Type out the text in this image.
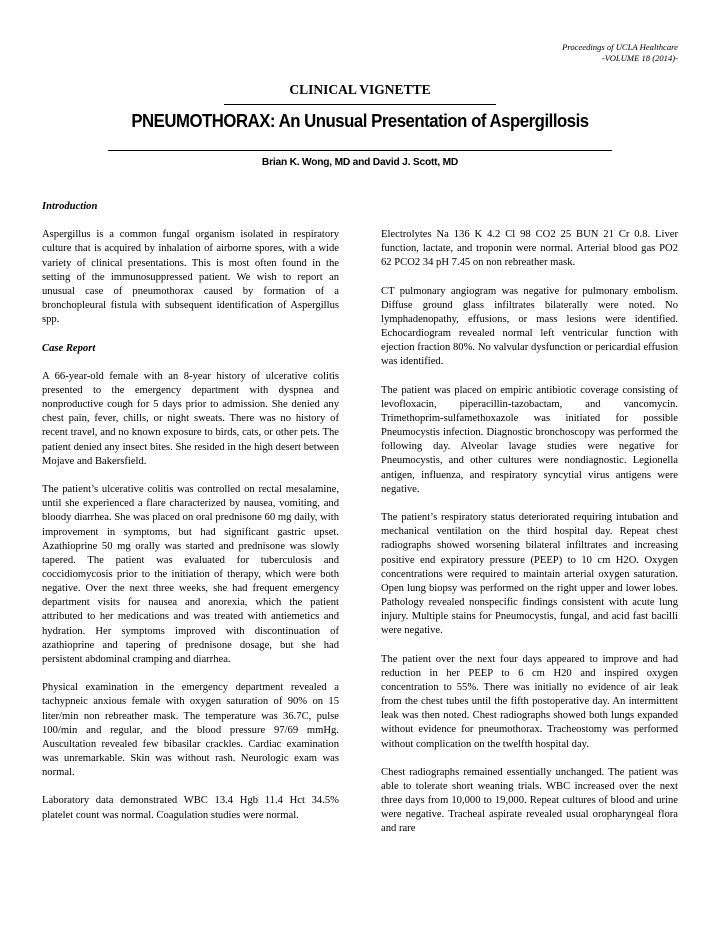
Proceedings of UCLA Healthcare
-VOLUME 18 (2014)-
CLINICAL VIGNETTE
PNEUMOTHORAX: An Unusual Presentation of Aspergillosis
Brian K. Wong, MD and David J. Scott, MD
Introduction

Aspergillus is a common fungal organism isolated in respiratory culture that is acquired by inhalation of airborne spores, with a wide variety of clinical presentations. This is most often found in the setting of the immunosuppressed patient. We wish to report an unusual case of pneumothorax caused by formation of a bronchopleural fistula with subsequent identification of Aspergillus spp.

Case Report

A 66-year-old female with an 8-year history of ulcerative colitis presented to the emergency department with dyspnea and nonproductive cough for 5 days prior to admission. She denied any chest pain, fever, chills, or night sweats. There was no history of recent travel, and no known exposure to birds, cats, or other pets. The patient denied any insect bites. She resided in the high desert between Mojave and Bakersfield.

The patient’s ulcerative colitis was controlled on rectal mesalamine, until she experienced a flare characterized by nausea, vomiting, and bloody diarrhea. She was placed on oral prednisone 60 mg daily, with improvement in symptoms, but had significant gastric upset. Azathioprine 50 mg orally was started and prednisone was slowly tapered. The patient was evaluated for tuberculosis and coccidiomycosis prior to the initiation of therapy, which were both negative. Over the next three weeks, she had frequent emergency department visits for nausea and anorexia, which the patient attributed to her medications and was treated with antiemetics and hydration. Her symptoms improved with discontinuation of azathioprine and tapering of prednisone dosage, but she had persistent abdominal cramping and diarrhea.

Physical examination in the emergency department revealed a tachypneic anxious female with oxygen saturation of 90% on 15 liter/min non rebreather mask. The temperature was 36.7C, pulse 100/min and regular, and the blood pressure 97/69 mmHg. Auscultation revealed few bibasilar crackles. Cardiac examination was unremarkable. Skin was without rash. Neurologic exam was normal.

Laboratory data demonstrated WBC 13.4 Hgb 11.4 Hct 34.5% platelet count was normal. Coagulation studies were normal.

Electrolytes Na 136 K 4.2 Cl 98 CO2 25 BUN 21 Cr 0.8. Liver function, lactate, and troponin were normal. Arterial blood gas PO2 62 PCO2 34 pH 7.45 on non rebreather mask.

CT pulmonary angiogram was negative for pulmonary embolism. Diffuse ground glass infiltrates bilaterally were noted. No lymphadenopathy, effusions, or mass lesions were identified. Echocardiogram revealed normal left ventricular function with ejection fraction 80%. No valvular dysfunction or pericardial effusion was identified.

The patient was placed on empiric antibiotic coverage consisting of levofloxacin, piperacillin-tazobactam, and vancomycin. Trimethoprim-sulfamethoxazole was initiated for possible Pneumocystis infection. Diagnostic bronchoscopy was performed the following day. Alveolar lavage studies were negative for Pneumocystis, and other cultures were nondiagnostic. Legionella antigen, influenza, and respiratory syncytial virus antigens were negative.

The patient’s respiratory status deteriorated requiring intubation and mechanical ventilation on the third hospital day. Repeat chest radiographs showed worsening bilateral infiltrates and increasing positive end expiratory pressure (PEEP) to 10 cm H2O. Oxygen concentrations were required to maintain arterial oxygen saturation. Open lung biopsy was performed on the right upper and lower lobes. Pathology revealed nonspecific findings consistent with acute lung injury. Multiple stains for Pneumocystis, fungal, and acid fast bacilli were negative.

The patient over the next four days appeared to improve and had reduction in her PEEP to 6 cm H20 and inspired oxygen concentration to 55%. There was initially no evidence of air leak from the chest tubes until the fifth postoperative day. An intermittent leak was then noted. Chest radiographs showed both lungs expanded without evidence for pneumothorax. Tracheostomy was performed without complication on the twelfth hospital day.

Chest radiographs remained essentially unchanged. The patient was able to tolerate short weaning trials. WBC increased over the next three days from 10,000 to 19,000. Repeat cultures of blood and urine were negative. Tracheal aspirate revealed usual oropharyngeal flora and rare
